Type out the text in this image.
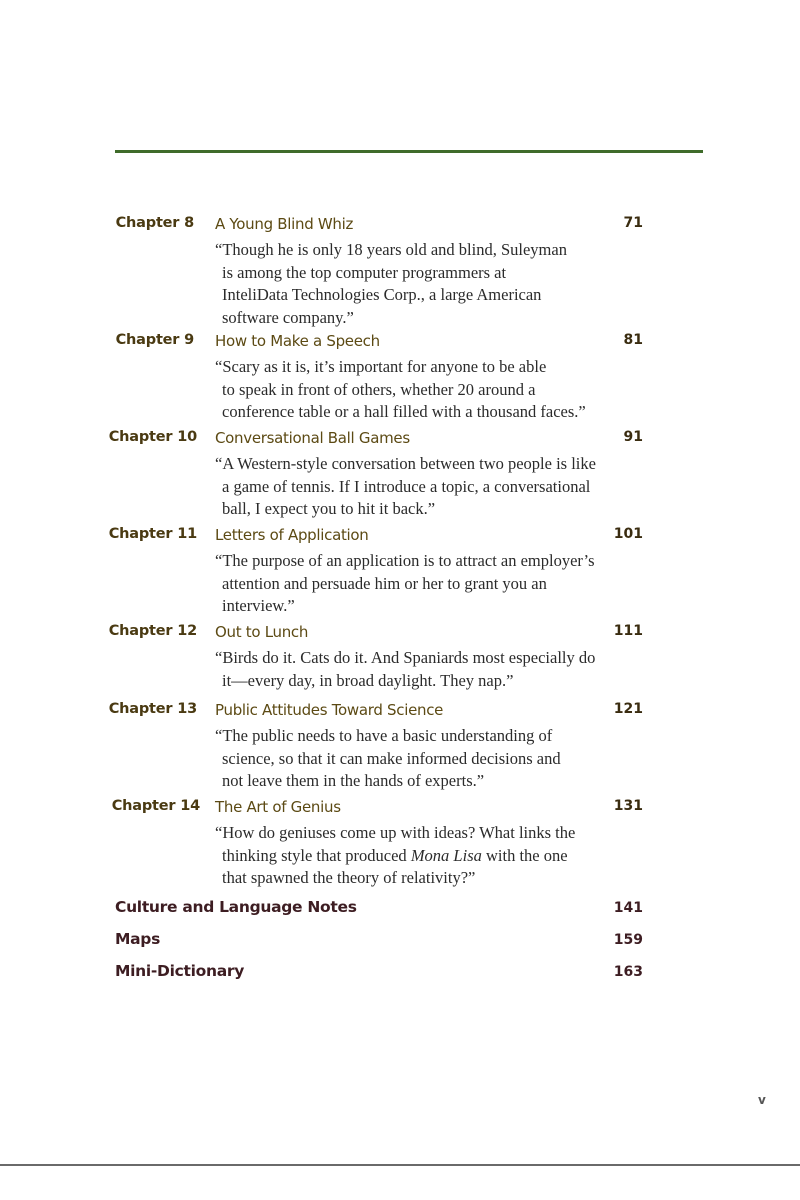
Chapter 8 A Young Blind Whiz	71
“Though he is only 18 years old and blind, Suleyman
is among the top computer programmers at
InteliData Technologies Corp., a large American
software company.”
Chapter 9 How to Make a Speech	81
“Scary as it is, it’s important for anyone to be able
to speak in front of others, whether 20 around a
conference table or a hall filled with a thousand faces.”
Chapter 10 Conversational Ball Games	91
“A Western-style conversation between two people is like
a game of tennis. If I introduce a topic, a conversational
ball, I expect you to hit it back.”
Chapter 11 Letters of Application	101
“The purpose of an application is to attract an employer’s
attention and persuade him or her to grant you an
interview.”
Chapter 12 Out to Lunch	111
“Birds do it. Cats do it. And Spaniards most especially do
it—every day, in broad daylight. They nap.”
Chapter 13 Public Attitudes Toward Science	121
“The public needs to have a basic understanding of
science, so that it can make informed decisions and
not leave them in the hands of experts.”
Chapter 14 The Art of Genius	131
“How do geniuses come up with ideas? What links the
thinking style that produced Mona Lisa with the one
that spawned the theory of relativity?”
Culture and Language Notes	141
Maps	159
Mini-Dictionary	163
v
